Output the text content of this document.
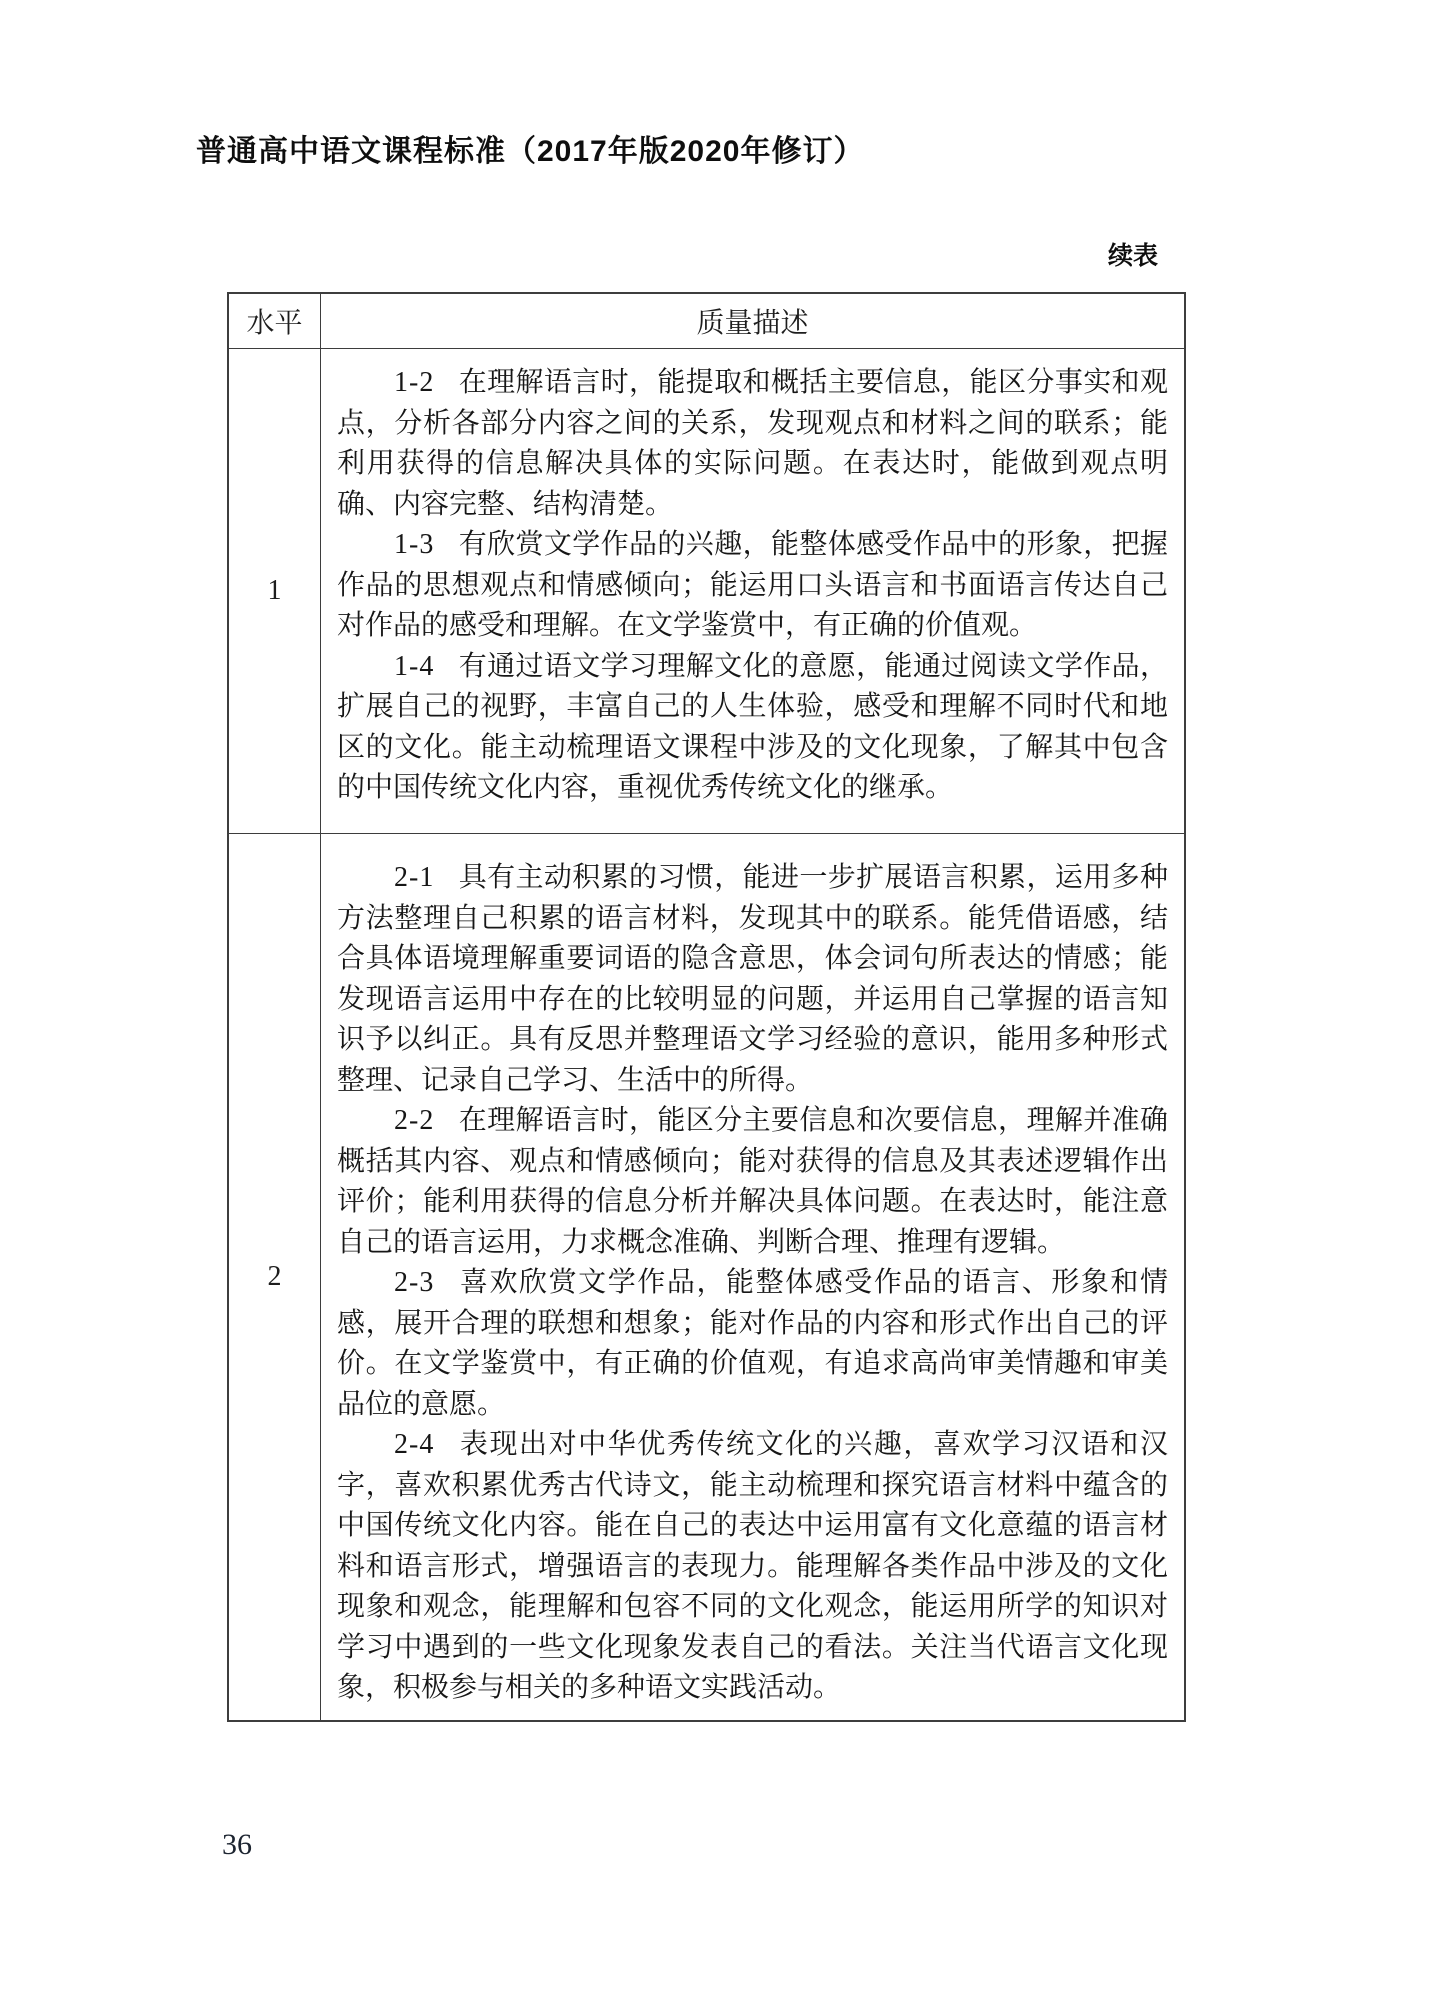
普通高中语文课程标准（2017年版2020年修订）
续表
水平	质量描述
1

1-2 在理解语言时，能提取和概括主要信息，能区分事实和观点，分析各部分内容之间的关系，发现观点和材料之间的联系；能利用获得的信息解决具体的实际问题。在表达时，能做到观点明确、内容完整、结构清楚。

1-3 有欣赏文学作品的兴趣，能整体感受作品中的形象，把握作品的思想观点和情感倾向；能运用口头语言和书面语言传达自己对作品的感受和理解。在文学鉴赏中，有正确的价值观。

1-4 有通过语文学习理解文化的意愿，能通过阅读文学作品，扩展自己的视野，丰富自己的人生体验，感受和理解不同时代和地区的文化。能主动梳理语文课程中涉及的文化现象，了解其中包含的中国传统文化内容，重视优秀传统文化的继承。

2

2-1 具有主动积累的习惯，能进一步扩展语言积累，运用多种方法整理自己积累的语言材料，发现其中的联系。能凭借语感，结合具体语境理解重要词语的隐含意思，体会词句所表达的情感；能发现语言运用中存在的比较明显的问题，并运用自己掌握的语言知识予以纠正。具有反思并整理语文学习经验的意识，能用多种形式整理、记录自己学习、生活中的所得。

2-2 在理解语言时，能区分主要信息和次要信息，理解并准确概括其内容、观点和情感倾向；能对获得的信息及其表述逻辑作出评价；能利用获得的信息分析并解决具体问题。在表达时，能注意自己的语言运用，力求概念准确、判断合理、推理有逻辑。

2-3 喜欢欣赏文学作品，能整体感受作品的语言、形象和情感，展开合理的联想和想象；能对作品的内容和形式作出自己的评价。在文学鉴赏中，有正确的价值观，有追求高尚审美情趣和审美品位的意愿。

2-4 表现出对中华优秀传统文化的兴趣，喜欢学习汉语和汉字，喜欢积累优秀古代诗文，能主动梳理和探究语言材料中蕴含的中国传统文化内容。能在自己的表达中运用富有文化意蕴的语言材料和语言形式，增强语言的表现力。能理解各类作品中涉及的文化现象和观念，能理解和包容不同的文化观念，能运用所学的知识对学习中遇到的一些文化现象发表自己的看法。关注当代语言文化现象，积极参与相关的多种语文实践活动。

36
